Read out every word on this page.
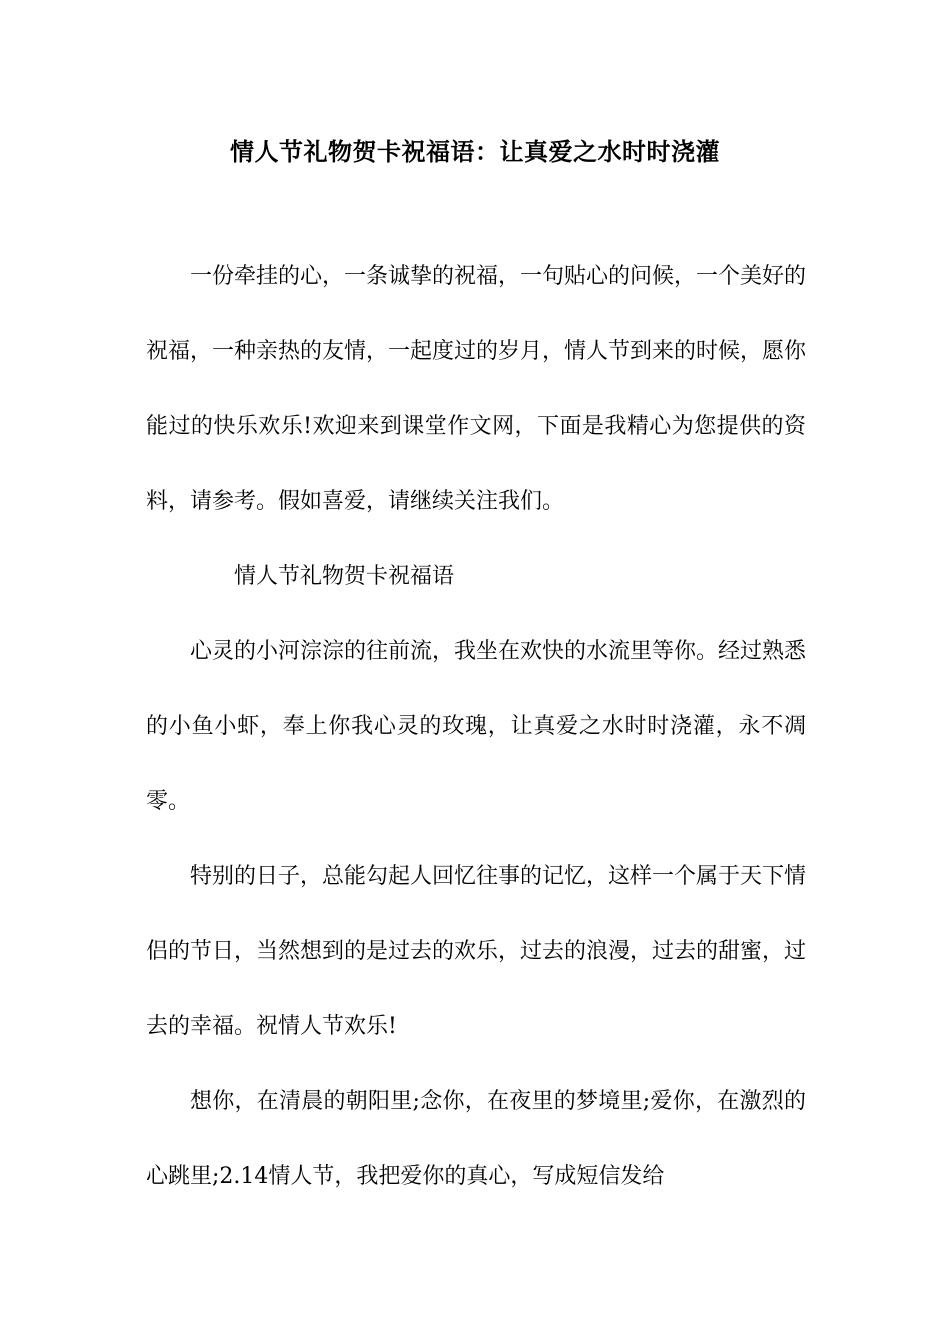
情人节礼物贺卡祝福语：让真爱之水时时浇灌
一份牵挂的心，一条诚挚的祝福，一句贴心的问候，一个美好的祝福，一种亲热的友情，一起度过的岁月，情人节到来的时候，愿你能过的快乐欢乐!欢迎来到课堂作文网，下面是我精心为您提供的资料，请参考。假如喜爱，请继续关注我们。
情人节礼物贺卡祝福语
心灵的小河淙淙的往前流，我坐在欢快的水流里等你。经过熟悉的小鱼小虾，奉上你我心灵的玫瑰，让真爱之水时时浇灌，永不凋零。
特别的日子，总能勾起人回忆往事的记忆，这样一个属于天下情侣的节日，当然想到的是过去的欢乐，过去的浪漫，过去的甜蜜，过去的幸福。祝情人节欢乐!
想你，在清晨的朝阳里;念你，在夜里的梦境里;爱你，在激烈的心跳里;2.14情人节，我把爱你的真心，写成短信发给
